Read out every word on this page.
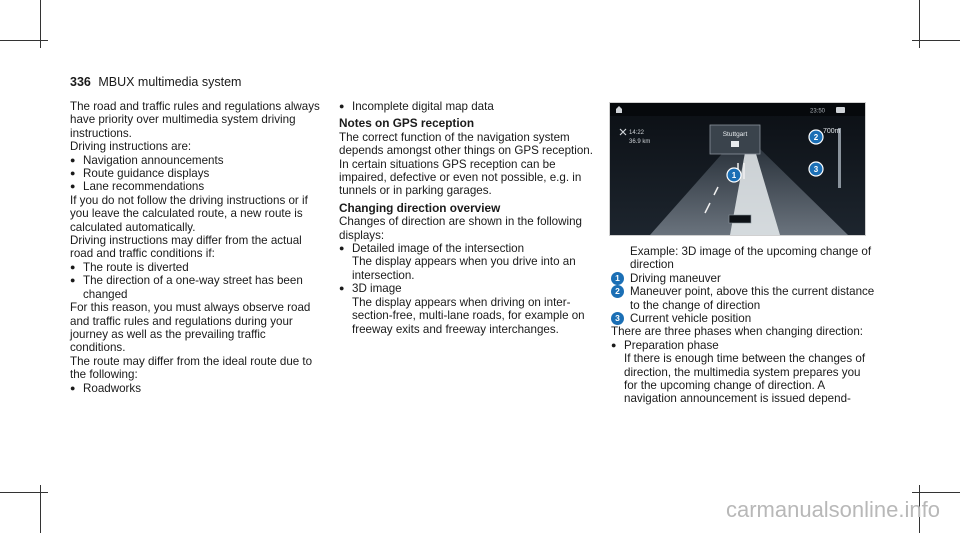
336 MBUX multimedia system

The road and traffic rules and regulations always have priority over multimedia system driving instructions.

Driving instructions are:

● Navigation announcements
● Route guidance displays
● Lane recommendations

If you do not follow the driving instructions or if you leave the calculated route, a new route is calculated automatically.

Driving instructions may differ from the actual road and traffic conditions if:

● The route is diverted
● The direction of a one-way street has been changed

For this reason, you must always observe road and traffic rules and regulations during your journey as well as the prevailing traffic conditions.

The route may differ from the ideal route due to the following:

● Roadworks
● Incomplete digital map data
Notes on GPS reception

The correct function of the navigation system depends amongst other things on GPS reception. In certain situations GPS reception can be impaired, defective or even not possible, e.g. in tunnels or in parking garages.

Changing direction overview

Changes of direction are shown in the following displays:

● Detailed image of the intersection

The display appears when you drive into an intersection.

● 3D image

The display appears when driving on inter-section-free, multi-lane roads, for example on freeway exits and freeway interchanges.

23:50
700m
14:22
36.9 km
Stuttgart
1
2
3

Example: 3D image of the upcoming change of direction

1 Driving maneuver
2 Maneuver point, above this the current distance to the change of direction
3 Current vehicle position

There are three phases when changing direction:

● Preparation phase

If there is enough time between the changes of direction, the multimedia system prepares you for the upcoming change of direction. A navigation announcement is issued depend-

carmanualsonline.info
